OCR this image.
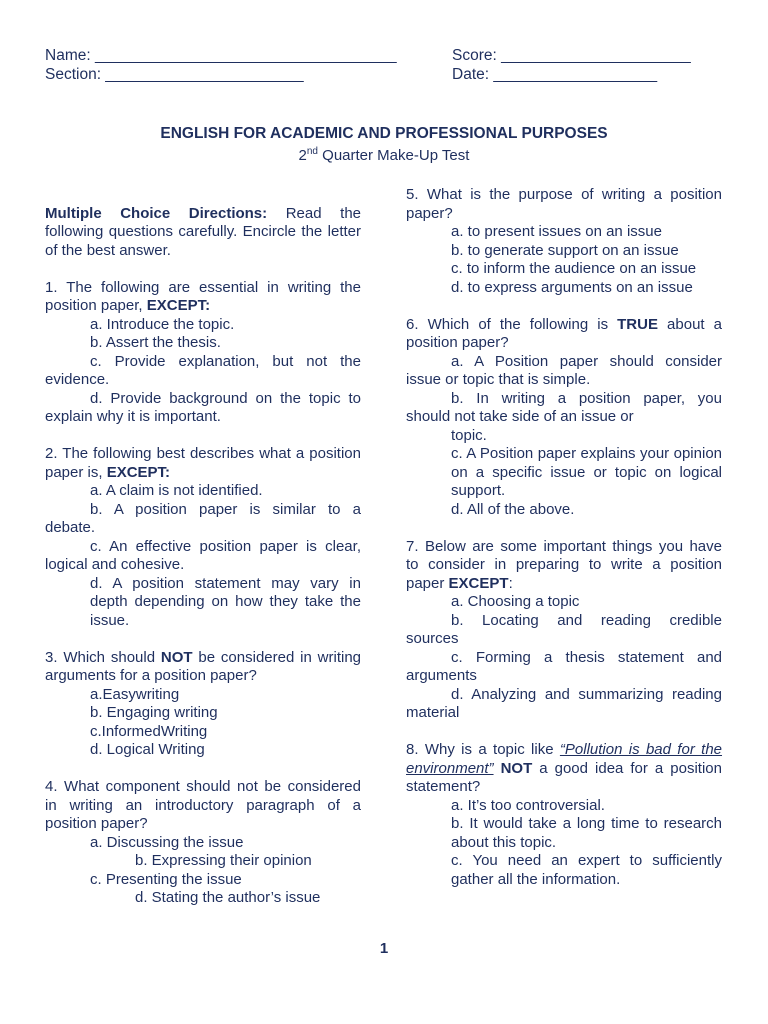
Name: ___________________________________
Section: _______________________
Score: ______________________
Date: ___________________
ENGLISH FOR ACADEMIC AND PROFESSIONAL PURPOSES
2nd Quarter Make-Up Test

Multiple Choice Directions: Read the following questions carefully. Encircle the letter of the best answer.

1. The following are essential in writing the position paper, EXCEPT:

a. Introduce the topic.

b. Assert the thesis.

c. Provide explanation, but not the

evidence.

d. Provide background on the topic to

explain why it is important.

2. The following best describes what a position paper is, EXCEPT:

a. A claim is not identified.

b. A position paper is similar to a

debate.

c. An effective position paper is clear,

logical and cohesive.

d. A position statement may vary in depth depending on how they take the issue.

3. Which should NOT be considered in writing arguments for a position paper?

a.Easywriting

b. Engaging writing

c.InformedWriting

d. Logical Writing

4. What component should not be considered in writing an introductory paragraph of a position paper?

a. Discussing the issue

b. Expressing their opinion

c. Presenting the issue

d. Stating the author’s issue

5. What is the purpose of writing a position paper?

a. to present issues on an issue

b. to generate support on an issue

c. to inform the audience on an issue

d. to express arguments on an issue

6. Which of the following is TRUE about a position paper?

a. A Position paper should consider

issue or topic that is simple.

b. In writing a position paper, you

should not take side of an issue or

topic.

c. A Position paper explains your opinion on a specific issue or topic on logical support.

d. All of the above.

7. Below are some important things you have to consider in preparing to write a position paper EXCEPT:

a. Choosing a topic

b. Locating and reading credible

sources

c. Forming a thesis statement and

arguments

d. Analyzing and summarizing reading

material

8. Why is a topic like “Pollution is bad for the environment” NOT a good idea for a position statement?

a. It’s too controversial.

b. It would take a long time to research about this topic.

c. You need an expert to sufficiently gather all the information.

1
